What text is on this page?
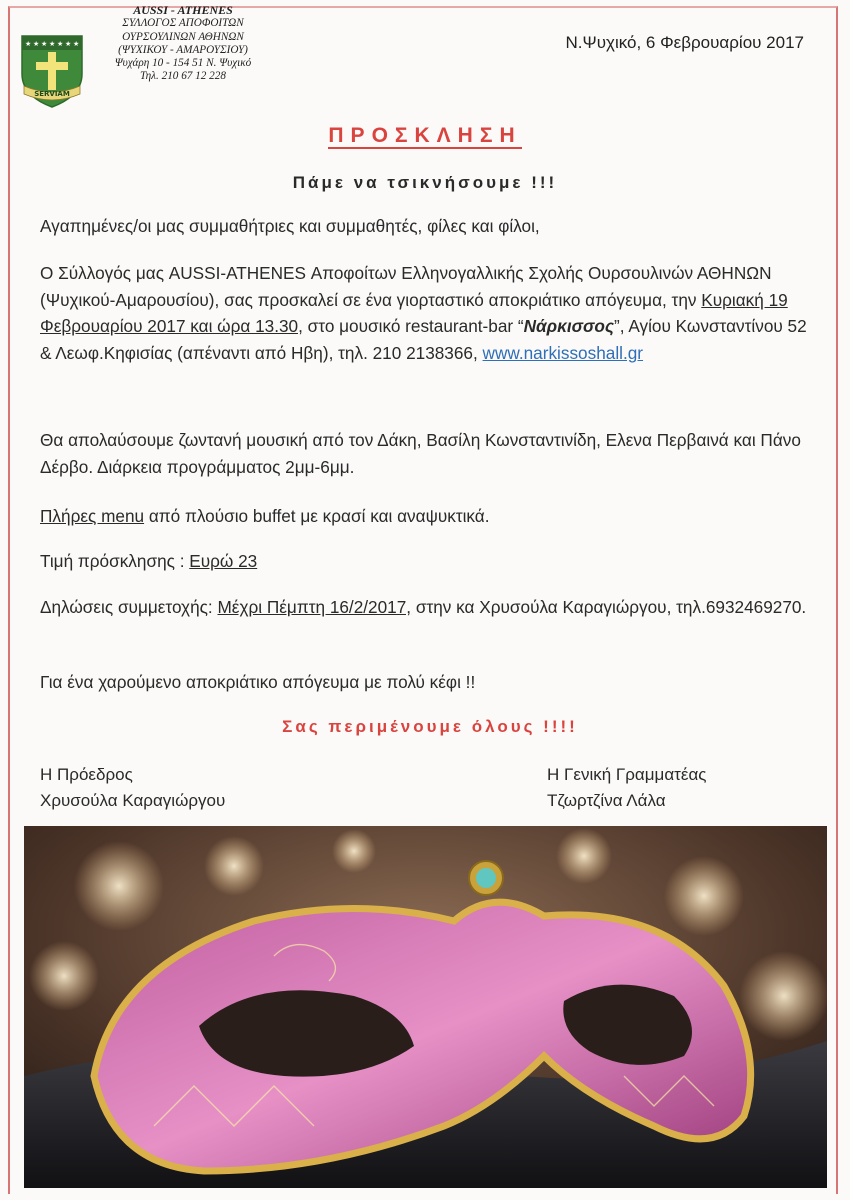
★ ★ ★ ★ ★ ★ ★
SERVIAM
AUSSI - ATHENES
ΣΥΛΛΟΓΟΣ ΑΠΟΦΟΙΤΩΝ
ΟΥΡΣΟΥΛΙΝΩΝ ΑΘΗΝΩΝ
(ΨΥΧΙΚΟΥ - ΑΜΑΡΟΥΣΙΟΥ)
Ψυχάρη 10 - 154 51 Ν. Ψυχικό
Τηλ. 210 67 12 228
Ν.Ψυχικό, 6 Φεβρουαρίου 2017
ΠΡΟΣΚΛΗΣΗ
Πάμε να τσικνήσουμε !!!
Αγαπημένες/οι μας συμμαθήτριες και συμμαθητές, φίλες και φίλοι,
Ο Σύλλογός μας AUSSI-ATHENES Αποφοίτων Ελληνογαλλικής Σχολής Ουρσουλινών ΑΘΗΝΩΝ (Ψυχικού-Αμαρουσίου), σας προσκαλεί σε ένα γιορταστικό αποκριάτικο απόγευμα, την Κυριακή 19 Φεβρουαρίου 2017 και ώρα 13.30, στο μουσικό restaurant-bar “Νάρκισσος”, Αγίου Κωνσταντίνου 52 & Λεωφ.Κηφισίας (απέναντι από Ηβη), τηλ. 210 2138366, www.narkissoshall.gr
Θα απολαύσουμε ζωντανή μουσική από τον Δάκη, Βασίλη Κωνσταντινίδη, Ελενα Περβαινά και Πάνο Δέρβο. Διάρκεια προγράμματος 2μμ-6μμ.
Πλήρες menu από πλούσιο buffet με κρασί και αναψυκτικά.
Τιμή πρόσκλησης : Ευρώ 23
Δηλώσεις συμμετοχής: Μέχρι Πέμπτη 16/2/2017, στην κα Χρυσούλα Καραγιώργου, τηλ.6932469270.
Για ένα χαρούμενο αποκριάτικο απόγευμα με πολύ κέφι !!
Σας περιμένουμε όλους !!!!
Η Πρόεδρος
Χρυσούλα Καραγιώργου
Η Γενική Γραμματέας
Τζωρτζίνα Λάλα
